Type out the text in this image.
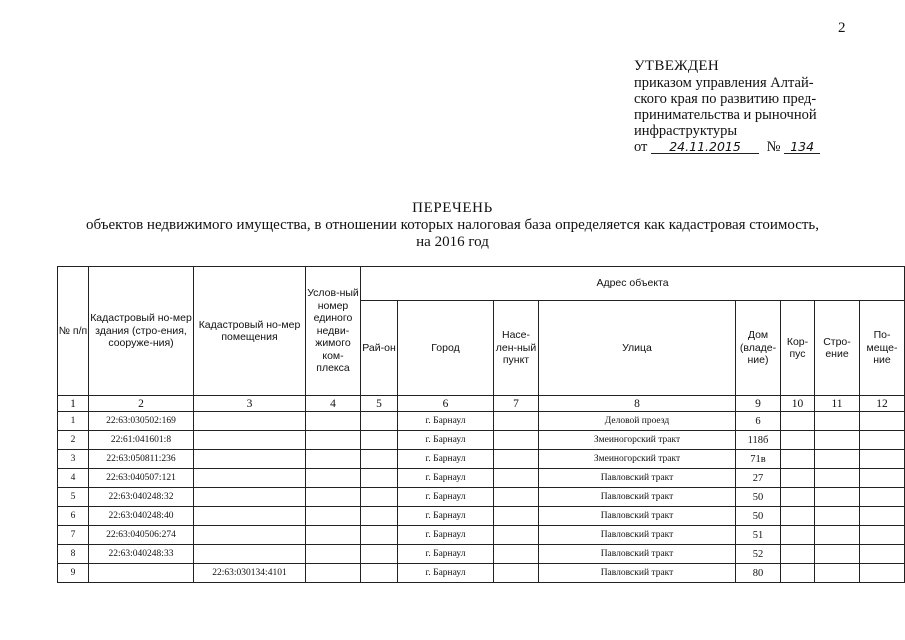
2
УТВЕЖДЕН
приказом управления Алтай-
ского края по развитию пред-
принимательства и рыночной
инфраструктуры
от 24.11.2015 № 134
ПЕРЕЧЕНЬ
объектов недвижимого имущества, в отношении которых налоговая база определяется как кадастровая стоимость,
на 2016 год
№ п/п	Кадастровый но-мер здания (стро-ения, сооруже-ния)	Кадастровый но-мер помещения	Услов-ный номер единого недви-жимого ком-плекса	Адрес объекта							
				Рай-он	Город	Насе-лен-ный пункт	Улица	Дом (владе-ние)	Кор-пус	Стро-ение	По-меще-ние
1	2	3	4	5	6	7	8	9	10	11	12
1	22:63:030502:169				г. Барнаул		Деловой проезд	6			
2	22:61:041601:8				г. Барнаул		Змеиногорский тракт	118б			
3	22:63:050811:236				г. Барнаул		Змеиногорский тракт	71в			
4	22:63:040507:121				г. Барнаул		Павловский тракт	27			
5	22:63:040248:32				г. Барнаул		Павловский тракт	50			
6	22:63:040248:40				г. Барнаул		Павловский тракт	50			
7	22:63:040506:274				г. Барнаул		Павловский тракт	51			
8	22:63:040248:33				г. Барнаул		Павловский тракт	52			
9		22:63:030134:4101			г. Барнаул		Павловский тракт	80			
